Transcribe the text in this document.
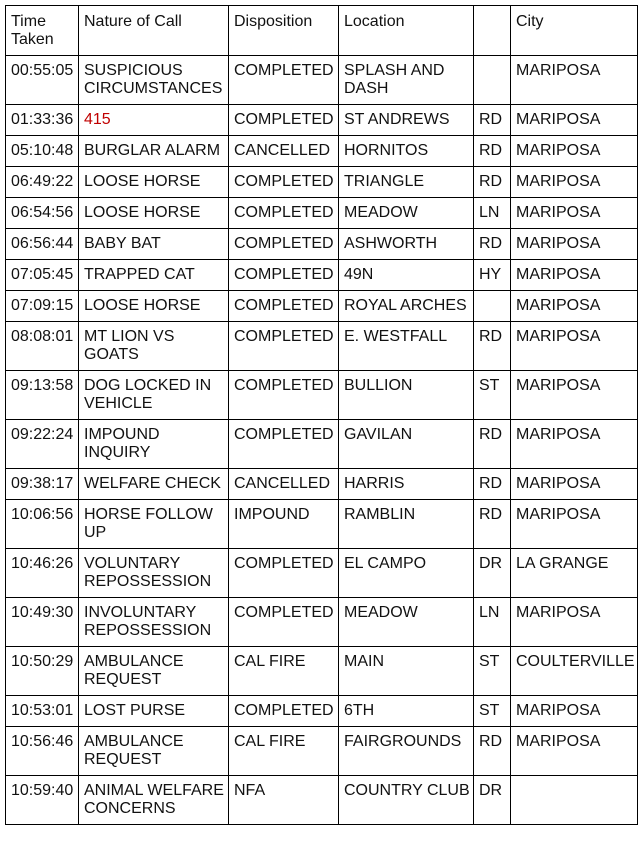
Time Taken	Nature of Call	Disposition	Location		City
00:55:05	SUSPICIOUS CIRCUMSTANCES	COMPLETED	SPLASH AND DASH		MARIPOSA
01:33:36	415	COMPLETED	ST ANDREWS	RD	MARIPOSA
05:10:48	BURGLAR ALARM	CANCELLED	HORNITOS	RD	MARIPOSA
06:49:22	LOOSE HORSE	COMPLETED	TRIANGLE	RD	MARIPOSA
06:54:56	LOOSE HORSE	COMPLETED	MEADOW	LN	MARIPOSA
06:56:44	BABY BAT	COMPLETED	ASHWORTH	RD	MARIPOSA
07:05:45	TRAPPED CAT	COMPLETED	49N	HY	MARIPOSA
07:09:15	LOOSE HORSE	COMPLETED	ROYAL ARCHES		MARIPOSA
08:08:01	MT LION VS GOATS	COMPLETED	E. WESTFALL	RD	MARIPOSA
09:13:58	DOG LOCKED IN VEHICLE	COMPLETED	BULLION	ST	MARIPOSA
09:22:24	IMPOUND INQUIRY	COMPLETED	GAVILAN	RD	MARIPOSA
09:38:17	WELFARE CHECK	CANCELLED	HARRIS	RD	MARIPOSA
10:06:56	HORSE FOLLOW UP	IMPOUND	RAMBLIN	RD	MARIPOSA
10:46:26	VOLUNTARY REPOSSESSION	COMPLETED	EL CAMPO	DR	LA GRANGE
10:49:30	INVOLUNTARY REPOSSESSION	COMPLETED	MEADOW	LN	MARIPOSA
10:50:29	AMBULANCE REQUEST	CAL FIRE	MAIN	ST	COULTERVILLE
10:53:01	LOST PURSE	COMPLETED	6TH	ST	MARIPOSA
10:56:46	AMBULANCE REQUEST	CAL FIRE	FAIRGROUNDS	RD	MARIPOSA
10:59:40	ANIMAL WELFARE CONCERNS	NFA	COUNTRY CLUB	DR	
